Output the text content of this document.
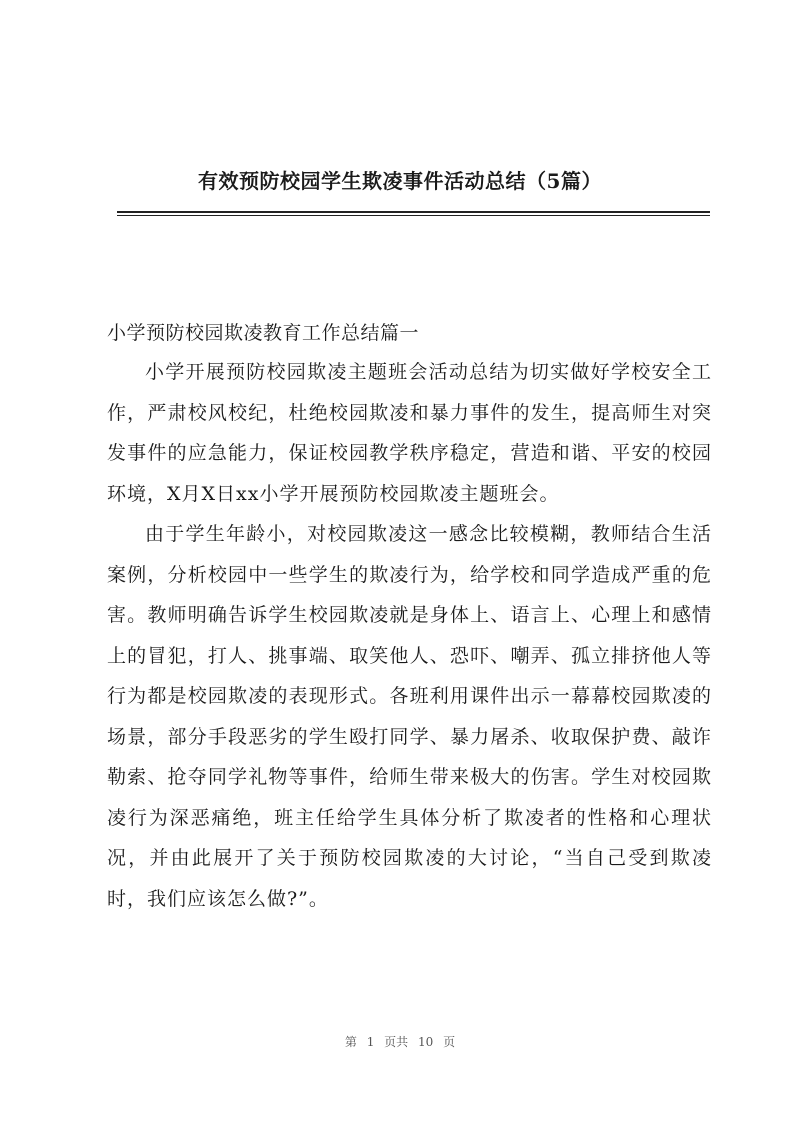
有效预防校园学生欺凌事件活动总结（5篇）
小学预防校园欺凌教育工作总结篇一

小学开展预防校园欺凌主题班会活动总结为切实做好学校安全工作，严肃校风校纪，杜绝校园欺凌和暴力事件的发生，提高师生对突发事件的应急能力，保证校园教学秩序稳定，营造和谐、平安的校园环境，X月X日xx小学开展预防校园欺凌主题班会。

由于学生年龄小，对校园欺凌这一感念比较模糊，教师结合生活案例，分析校园中一些学生的欺凌行为，给学校和同学造成严重的危害。教师明确告诉学生校园欺凌就是身体上、语言上、心理上和感情上的冒犯，打人、挑事端、取笑他人、恐吓、嘲弄、孤立排挤他人等行为都是校园欺凌的表现形式。各班利用课件出示一幕幕校园欺凌的场景，部分手段恶劣的学生殴打同学、暴力屠杀、收取保护费、敲诈勒索、抢夺同学礼物等事件，给师生带来极大的伤害。学生对校园欺凌行为深恶痛绝，班主任给学生具体分析了欺凌者的性格和心理状况，并由此展开了关于预防校园欺凌的大讨论，“当自己受到欺凌时，我们应该怎么做?”。

第 1 页共 10 页
